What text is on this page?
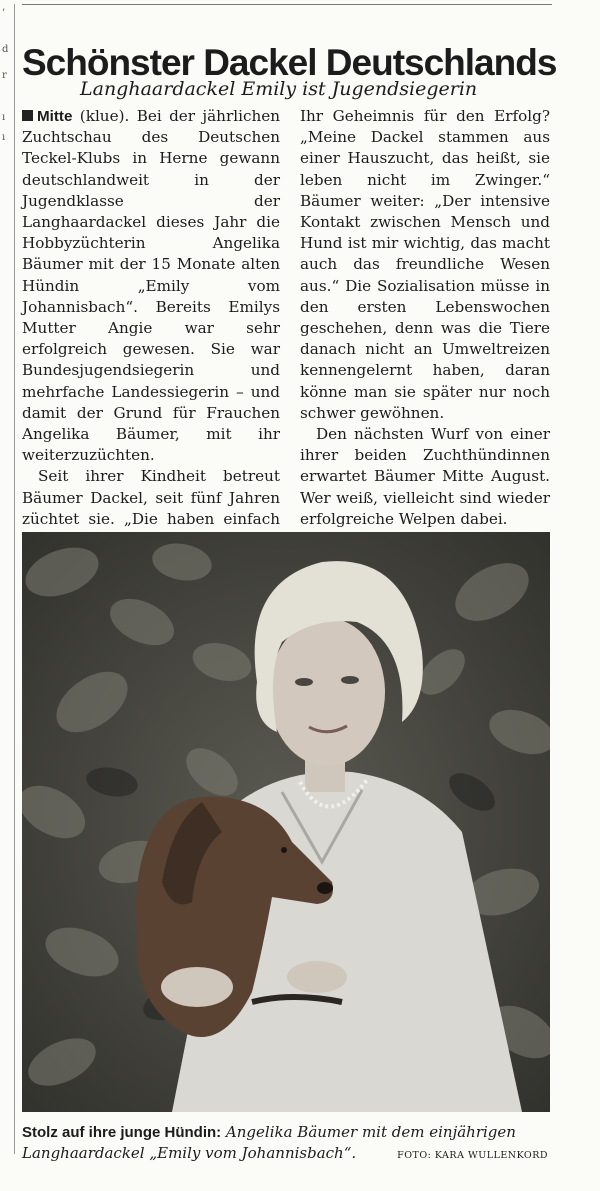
’
d
r
ı
ı
Schönster Dackel Deutschlands
Langhaardackel Emily ist Jugendsiegerin

Mitte (klue). Bei der jährlichen Zuchtschau des Deutschen Teckel-Klubs in Herne gewann deutschlandweit in der Jugendklasse der Langhaardackel dieses Jahr die Hobbyzüchterin Angelika Bäumer mit der 15 Monate alten Hündin „Emily vom Johannisbach“. Bereits Emilys Mutter Angie war sehr erfolgreich gewesen. Sie war Bundesjugendsiegerin und mehrfache Landessiegerin – und damit der Grund für Frauchen Angelika Bäumer, mit ihr weiterzuzüchten.

Seit ihrer Kindheit betreut Bäumer Dackel, seit fünf Jahren züchtet sie. „Die haben einfach

Ihr Geheimnis für den Erfolg? „Meine Dackel stammen aus einer Hauszucht, das heißt, sie leben nicht im Zwinger.“ Bäumer weiter: „Der intensive Kontakt zwischen Mensch und Hund ist mir wichtig, das macht auch das freundliche Wesen aus.“ Die Sozialisation müsse in den ersten Lebenswochen geschehen, denn was die Tiere danach nicht an Umweltreizen kennengelernt haben, daran könne man sie später nur noch schwer gewöhnen.

Den nächsten Wurf von einer ihrer beiden Zuchthündinnen erwartet Bäumer Mitte August. Wer weiß, vielleicht sind wieder erfolgreiche Welpen dabei.

Stolz auf ihre junge Hündin: Angelika Bäumer mit dem einjährigen Langhaardackel „Emily vom Johannisbach“.	FOTO: KARA WULLENKORD
